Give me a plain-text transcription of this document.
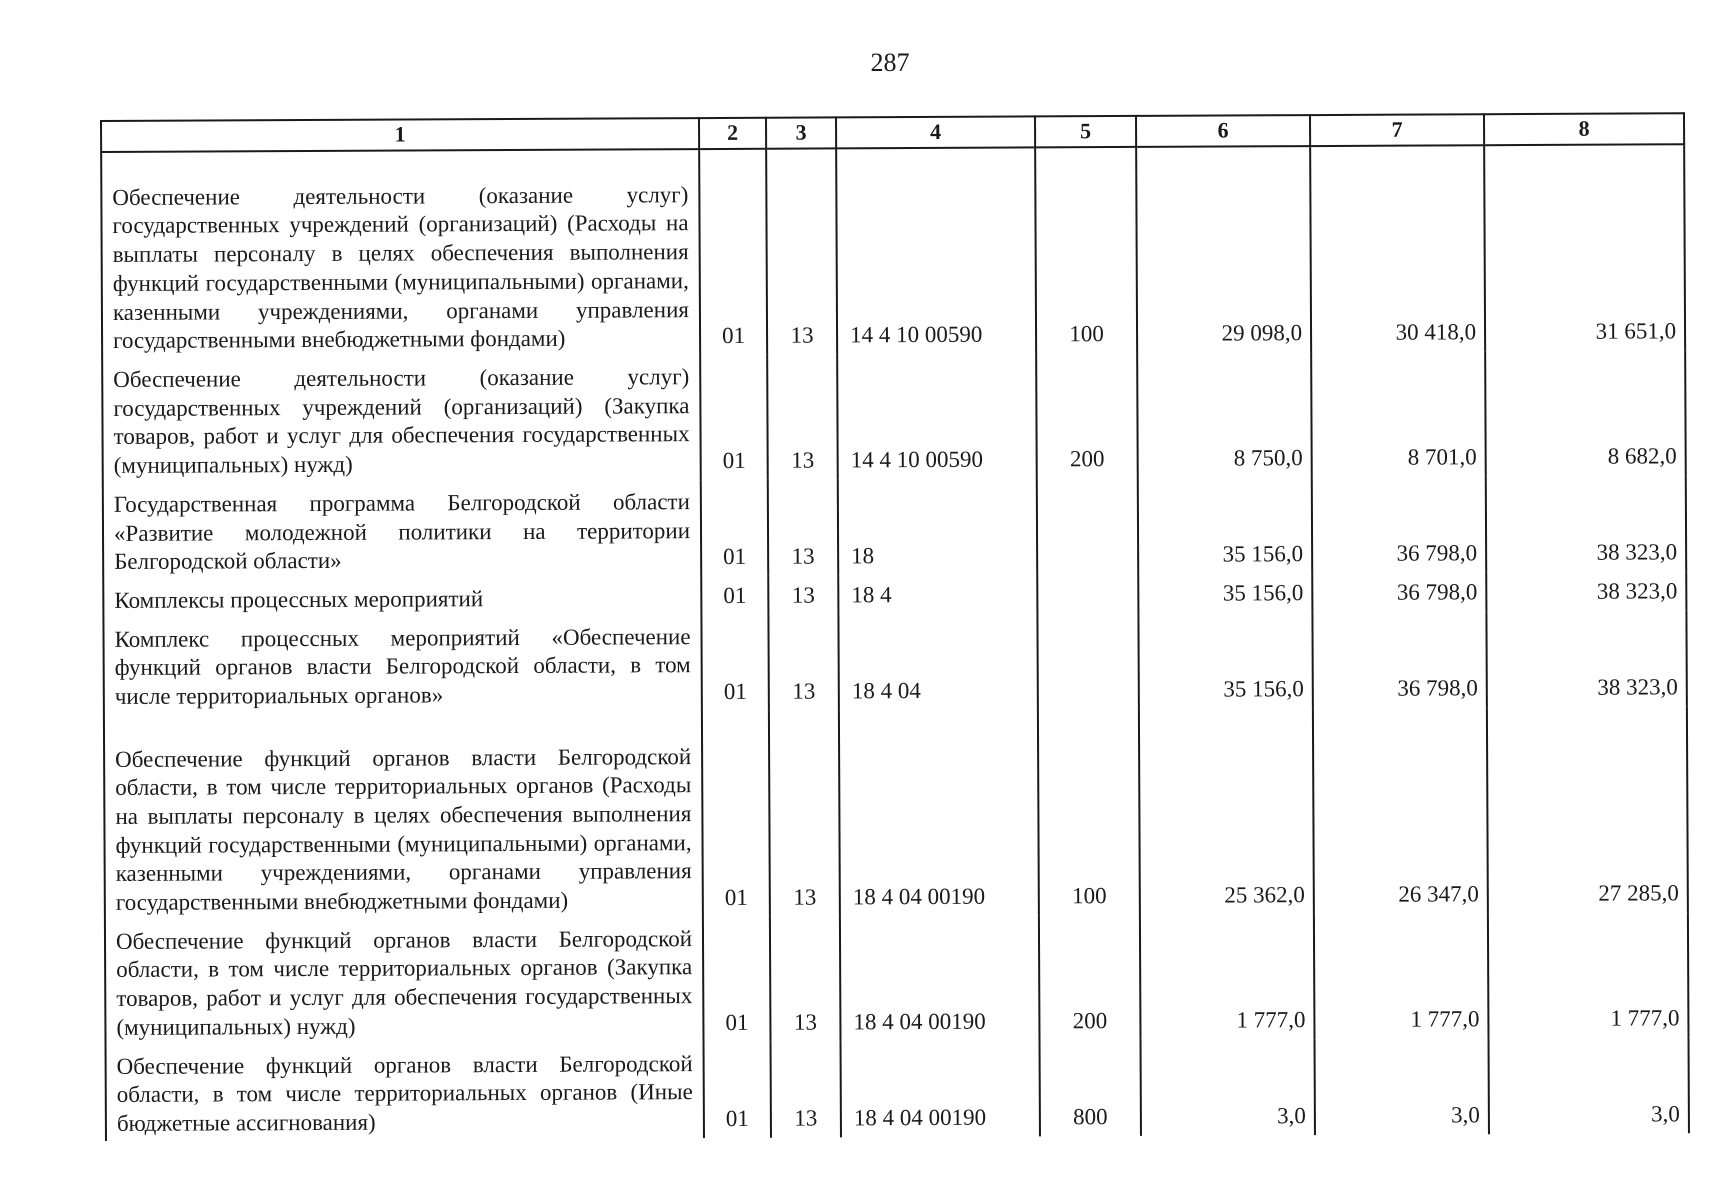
287
1	2	3	4	5	6	7	8
Обеспечение деятельности (оказание услуг) государственных учреждений (организаций) (Расходы на выплаты персоналу в целях обеспечения выполнения функций государственными (муниципальными) органами, казенными учреждениями, органами управления государственными внебюджетными фондами)	01	13	14 4 10 00590	100	29 098,0	30 418,0	31 651,0
Обеспечение деятельности (оказание услуг) государственных учреждений (организаций) (Закупка товаров, работ и услуг для обеспечения государственных (муниципальных) нужд)	01	13	14 4 10 00590	200	8 750,0	8 701,0	8 682,0
Государственная программа Белгородской области «Развитие молодежной политики на территории Белгородской области»	01	13	18		35 156,0	36 798,0	38 323,0
Комплексы процессных мероприятий	01	13	18 4		35 156,0	36 798,0	38 323,0
Комплекс процессных мероприятий «Обеспечение функций органов власти Белгородской области, в том числе территориальных органов»	01	13	18 4 04		35 156,0	36 798,0	38 323,0
Обеспечение функций органов власти Белгородской области, в том числе территориальных органов (Расходы на выплаты персоналу в целях обеспечения выполнения функций государственными (муниципальными) органами, казенными учреждениями, органами управления государственными внебюджетными фондами)	01	13	18 4 04 00190	100	25 362,0	26 347,0	27 285,0
Обеспечение функций органов власти Белгородской области, в том числе территориальных органов (Закупка товаров, работ и услуг для обеспечения государственных (муниципальных) нужд)	01	13	18 4 04 00190	200	1 777,0	1 777,0	1 777,0
Обеспечение функций органов власти Белгородской области, в том числе территориальных органов (Иные бюджетные ассигнования)	01	13	18 4 04 00190	800	3,0	3,0	3,0
